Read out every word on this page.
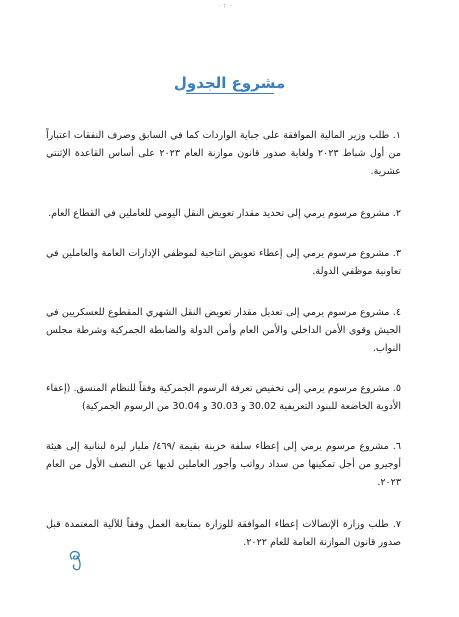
- ٢ -
مشروع الجدول
١. طلب وزير المالية الموافقة على جباية الواردات كما في السابق وصرف النفقات اعتباراً من أول شباط ٢٠٢٣ ولغاية صدور قانون موازنة العام ٢٠٢٣ على أساس القاعدة الإثنتي عشرية.
٢. مشروع مرسوم يرمي إلى تحديد مقدار تعويض النقل اليومي للعاملين في القطاع العام.
٣. مشروع مرسوم يرمي إلى إعطاء تعويض انتاجية لموظفي الإدارات العامة والعاملين في تعاونية موظفي الدولة.
٤. مشروع مرسوم يرمي إلى تعديل مقدار تعويض النقل الشهري المقطوع للعسكريين في الجيش وقوى الأمن الداخلي والأمن العام وأمن الدولة والضابطة الجمركية وشرطة مجلس النواب.
٥. مشروع مرسوم يرمي إلى تخفيض تعرفة الرسوم الجمركية وفقاً للنظام المنسق. (إعفاء الأدوية الخاضعة للبنود التعريفية 30.02 و 30.03 و 30.04 من الرسوم الجمركية)
٦. مشروع مرسوم يرمي إلى إعطاء سلفة خزينة بقيمة /٤٦٩/ مليار ليرة لبنانية إلى هيئة أوجيرو من أجل تمكينها من سداد رواتب وأجور العاملين لديها عن النصف الأول من العام ٢٠٢٣.
٧. طلب وزارة الإتصالات إعطاء الموافقة للوزارة بمتابعة العمل وفقاً للآلية المعتمدة قبل صدور قانون الموازنة العامة للعام ٢٠٢٢.
